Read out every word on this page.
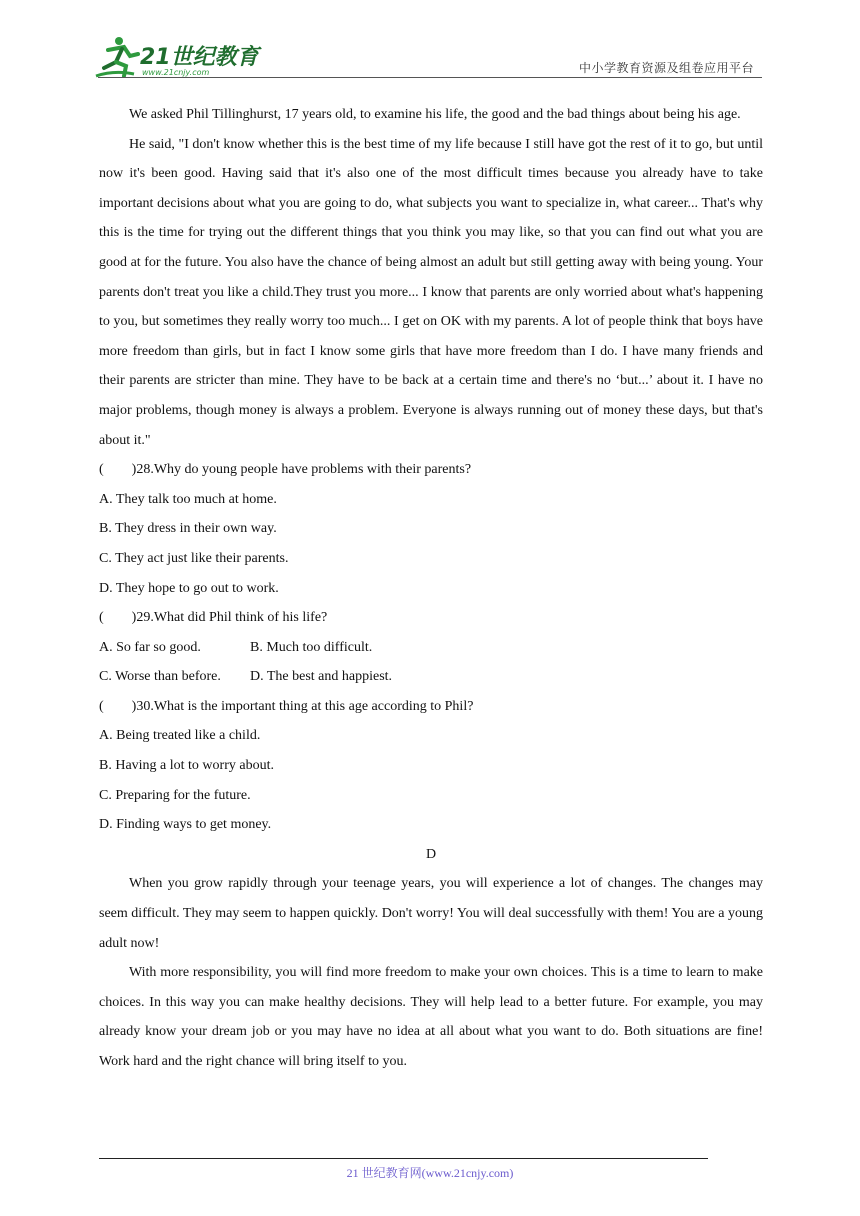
21世纪教育
www.21cnjy.com	中小学教育资源及组卷应用平台

We asked Phil Tillinghurst, 17 years old, to examine his life, the good and the bad things about being his age.

He said, "I don't know whether this is the best time of my life because I still have got the rest of it to go, but until now it's been good. Having said that it's also one of the most difficult times because you already have to take important decisions about what you are going to do, what subjects you want to specialize in, what career... That's why this is the time for trying out the different things that you think you may like, so that you can find out what you are good at for the future. You also have the chance of being almost an adult but still getting away with being young. Your parents don't treat you like a child.They trust you more... I know that parents are only worried about what's happening to you, but sometimes they really worry too much... I get on OK with my parents. A lot of people think that boys have more freedom than girls, but in fact I know some girls that have more freedom than I do. I have many friends and their parents are stricter than mine. They have to be back at a certain time and there's no ‘but...’ about it. I have no major problems, though money is always a problem. Everyone is always running out of money these days, but that's about it."

(        )28.Why do young people have problems with their parents?

A. They talk too much at home.

B. They dress in their own way.

C. They act just like their parents.

D. They hope to go out to work.

(        )29.What did Phil think of his life?

A. So far so good.	B. Much too difficult.
C. Worse than before.	D. The best and happiest.

(        )30.What is the important thing at this age according to Phil?

A. Being treated like a child.

B. Having a lot to worry about.

C. Preparing for the future.

D. Finding ways to get money.

D

When you grow rapidly through your teenage years, you will experience a lot of changes. The changes may seem difficult. They may seem to happen quickly. Don't worry! You will deal successfully with them! You are a young adult now!

With more responsibility, you will find more freedom to make your own choices. This is a time to learn to make choices. In this way you can make healthy decisions. They will help lead to a better future. For example, you may already know your dream job or you may have no idea at all about what you want to do. Both situations are fine! Work hard and the right chance will bring itself to you.

21 世纪教育网(www.21cnjy.com)
